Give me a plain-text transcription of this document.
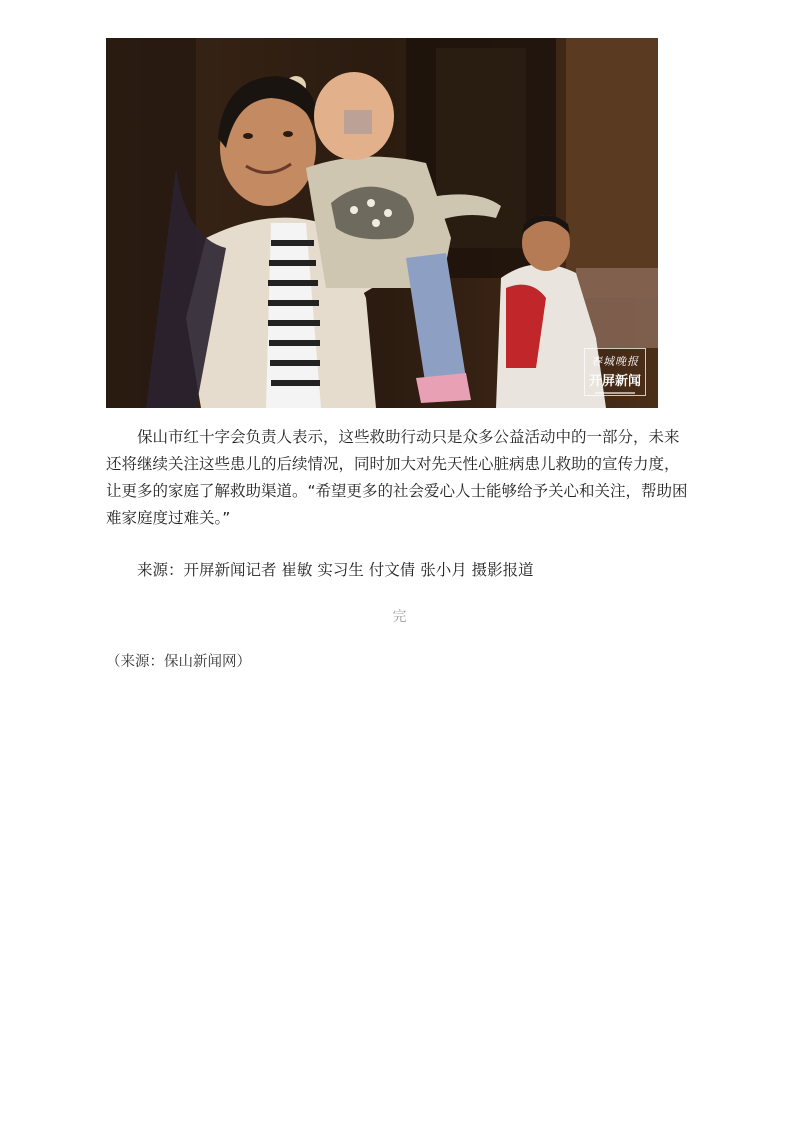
春城晚报
开屏新闻

保山市红十字会负责人表示，这些救助行动只是众多公益活动中的一部分，未来还将继续关注这些患儿的后续情况，同时加大对先天性心脏病患儿救助的宣传力度，让更多的家庭了解救助渠道。“希望更多的社会爱心人士能够给予关心和关注，帮助困难家庭度过难关。”

来源：开屏新闻记者 崔敏 实习生 付文倩 张小月 摄影报道

完

（来源：保山新闻网）
